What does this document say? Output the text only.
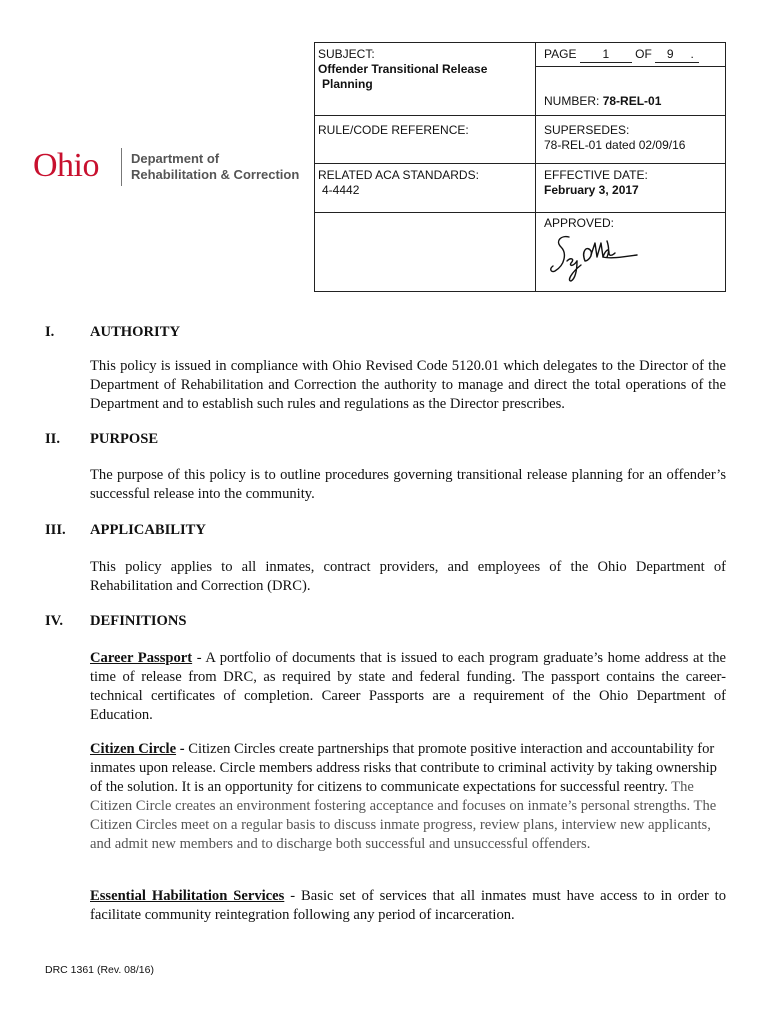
Ohio Department of
Rehabilitation & Correction
SUBJECT:
Offender Transitional Release
Planning
PAGE 1 OF 9 .
NUMBER: 78-REL-01
RULE/CODE REFERENCE:	SUPERSEDES:
78-REL-01 dated 02/09/16
RELATED ACA STANDARDS:
4-4442
EFFECTIVE DATE:
February 3, 2017
APPROVED:
I. AUTHORITY
This policy is issued in compliance with Ohio Revised Code 5120.01 which delegates to the Director of the Department of Rehabilitation and Correction the authority to manage and direct the total operations of the Department and to establish such rules and regulations as the Director prescribes.
II. PURPOSE
The purpose of this policy is to outline procedures governing transitional release planning for an offender’s successful release into the community.
III. APPLICABILITY
This policy applies to all inmates, contract providers, and employees of the Ohio Department of Rehabilitation and Correction (DRC).
IV. DEFINITIONS
Career Passport - A portfolio of documents that is issued to each program graduate’s home address at the time of release from DRC, as required by state and federal funding. The passport contains the career-technical certificates of completion. Career Passports are a requirement of the Ohio Department of Education.
Citizen Circle - Citizen Circles create partnerships that promote positive interaction and accountability for inmates upon release. Circle members address risks that contribute to criminal activity by taking ownership of the solution. It is an opportunity for citizens to communicate expectations for successful reentry. The Citizen Circle creates an environment fostering acceptance and focuses on inmate’s personal strengths. The Citizen Circles meet on a regular basis to discuss inmate progress, review plans, interview new applicants, and admit new members and to discharge both successful and unsuccessful offenders.
Essential Habilitation Services - Basic set of services that all inmates must have access to in order to facilitate community reintegration following any period of incarceration.
DRC 1361 (Rev. 08/16)
